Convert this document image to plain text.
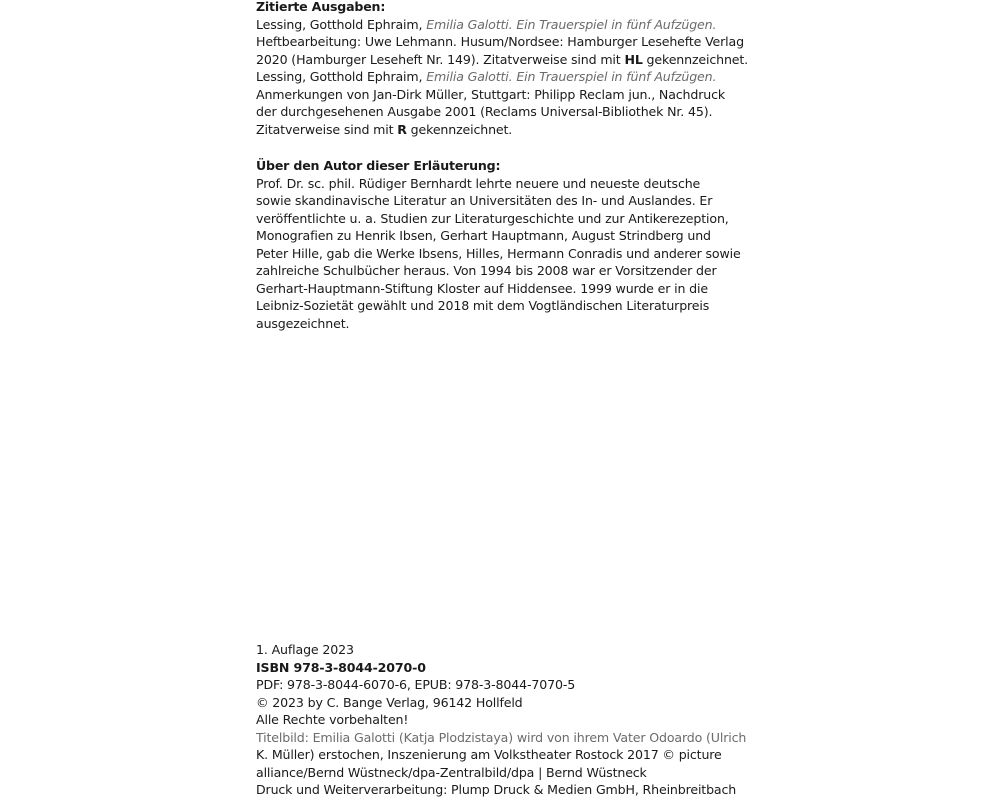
Zitierte Ausgaben:
Lessing, Gotthold Ephraim, Emilia Galotti. Ein Trauerspiel in fünf Aufzügen.
Heftbearbeitung: Uwe Lehmann. Husum/Nordsee: Hamburger Lesehefte Verlag
2020 (Hamburger Leseheft Nr. 149). Zitatverweise sind mit HL gekennzeichnet.
Lessing, Gotthold Ephraim, Emilia Galotti. Ein Trauerspiel in fünf Aufzügen.
Anmerkungen von Jan-Dirk Müller, Stuttgart: Philipp Reclam jun., Nachdruck
der durchgesehenen Ausgabe 2001 (Reclams Universal-Bibliothek Nr. 45).
Zitatverweise sind mit R gekennzeichnet.
Über den Autor dieser Erläuterung:
Prof. Dr. sc. phil. Rüdiger Bernhardt lehrte neuere und neueste deutsche
sowie skandinavische Literatur an Universitäten des In- und Auslandes. Er
veröffentlichte u. a. Studien zur Literaturgeschichte und zur Antikerezeption,
Monografien zu Henrik Ibsen, Gerhart Hauptmann, August Strindberg und
Peter Hille, gab die Werke Ibsens, Hilles, Hermann Conradis und anderer sowie
zahlreiche Schulbücher heraus. Von 1994 bis 2008 war er Vorsitzender der
Gerhart-Hauptmann-Stiftung Kloster auf Hiddensee. 1999 wurde er in die
Leibniz-Sozietät gewählt und 2018 mit dem Vogtländischen Literaturpreis
ausgezeichnet.
1. Auflage 2023
ISBN 978-3-8044-2070-0
PDF: 978-3-8044-6070-6, EPUB: 978-3-8044-7070-5
© 2023 by C. Bange Verlag, 96142 Hollfeld
Alle Rechte vorbehalten!
Titelbild: Emilia Galotti (Katja Plodzistaya) wird von ihrem Vater Odoardo (Ulrich
K. Müller) erstochen, Inszenierung am Volkstheater Rostock 2017 © picture
alliance/Bernd Wüstneck/dpa-Zentralbild/dpa | Bernd Wüstneck
Druck und Weiterverarbeitung: Plump Druck & Medien GmbH, Rheinbreitbach
